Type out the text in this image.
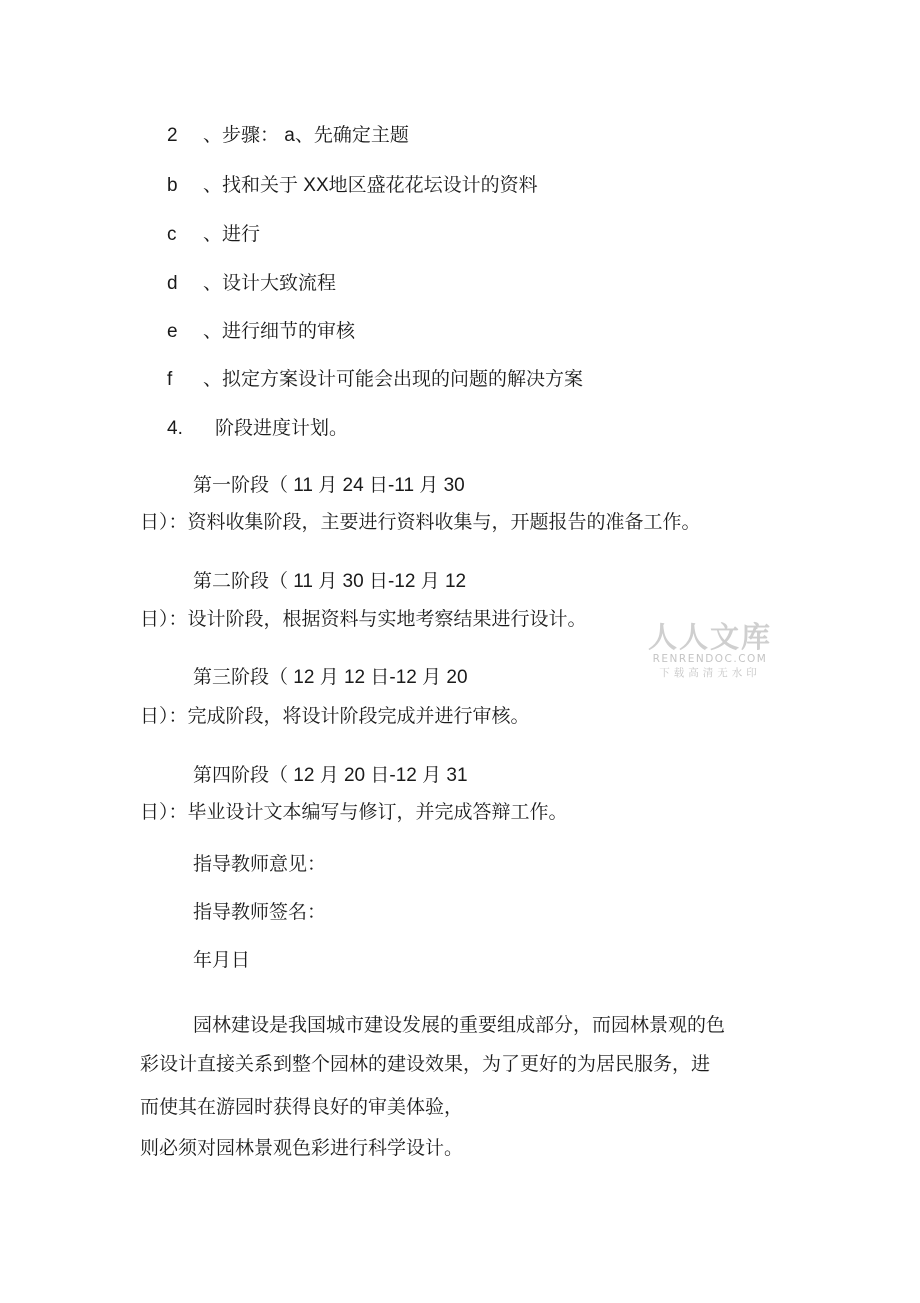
2 、步骤： a、先确定主题
b 、找和关于 XX地区盛花花坛设计的资料
c 、进行
d 、设计大致流程
e 、进行细节的审核
f 、拟定方案设计可能会出现的问题的解决方案
4. 阶段进度计划。
第一阶段（ 11 月 24 日-11 月 30
日）：资料收集阶段，主要进行资料收集与，开题报告的准备工作。
第二阶段（ 11 月 30 日-12 月 12
日）：设计阶段，根据资料与实地考察结果进行设计。
第三阶段（ 12 月 12 日-12 月 20
日）：完成阶段，将设计阶段完成并进行审核。
第四阶段（ 12 月 20 日-12 月 31
日）：毕业设计文本编写与修订，并完成答辩工作。
指导教师意见：
指导教师签名：
年月日
园林建设是我国城市建设发展的重要组成部分，而园林景观的色
彩设计直接关系到整个园林的建设效果，为了更好的为居民服务，进
而使其在游园时获得良好的审美体验，
则必须对园林景观色彩进行科学设计。
人人文库
RENRENDOC.COM
下载高清无水印
